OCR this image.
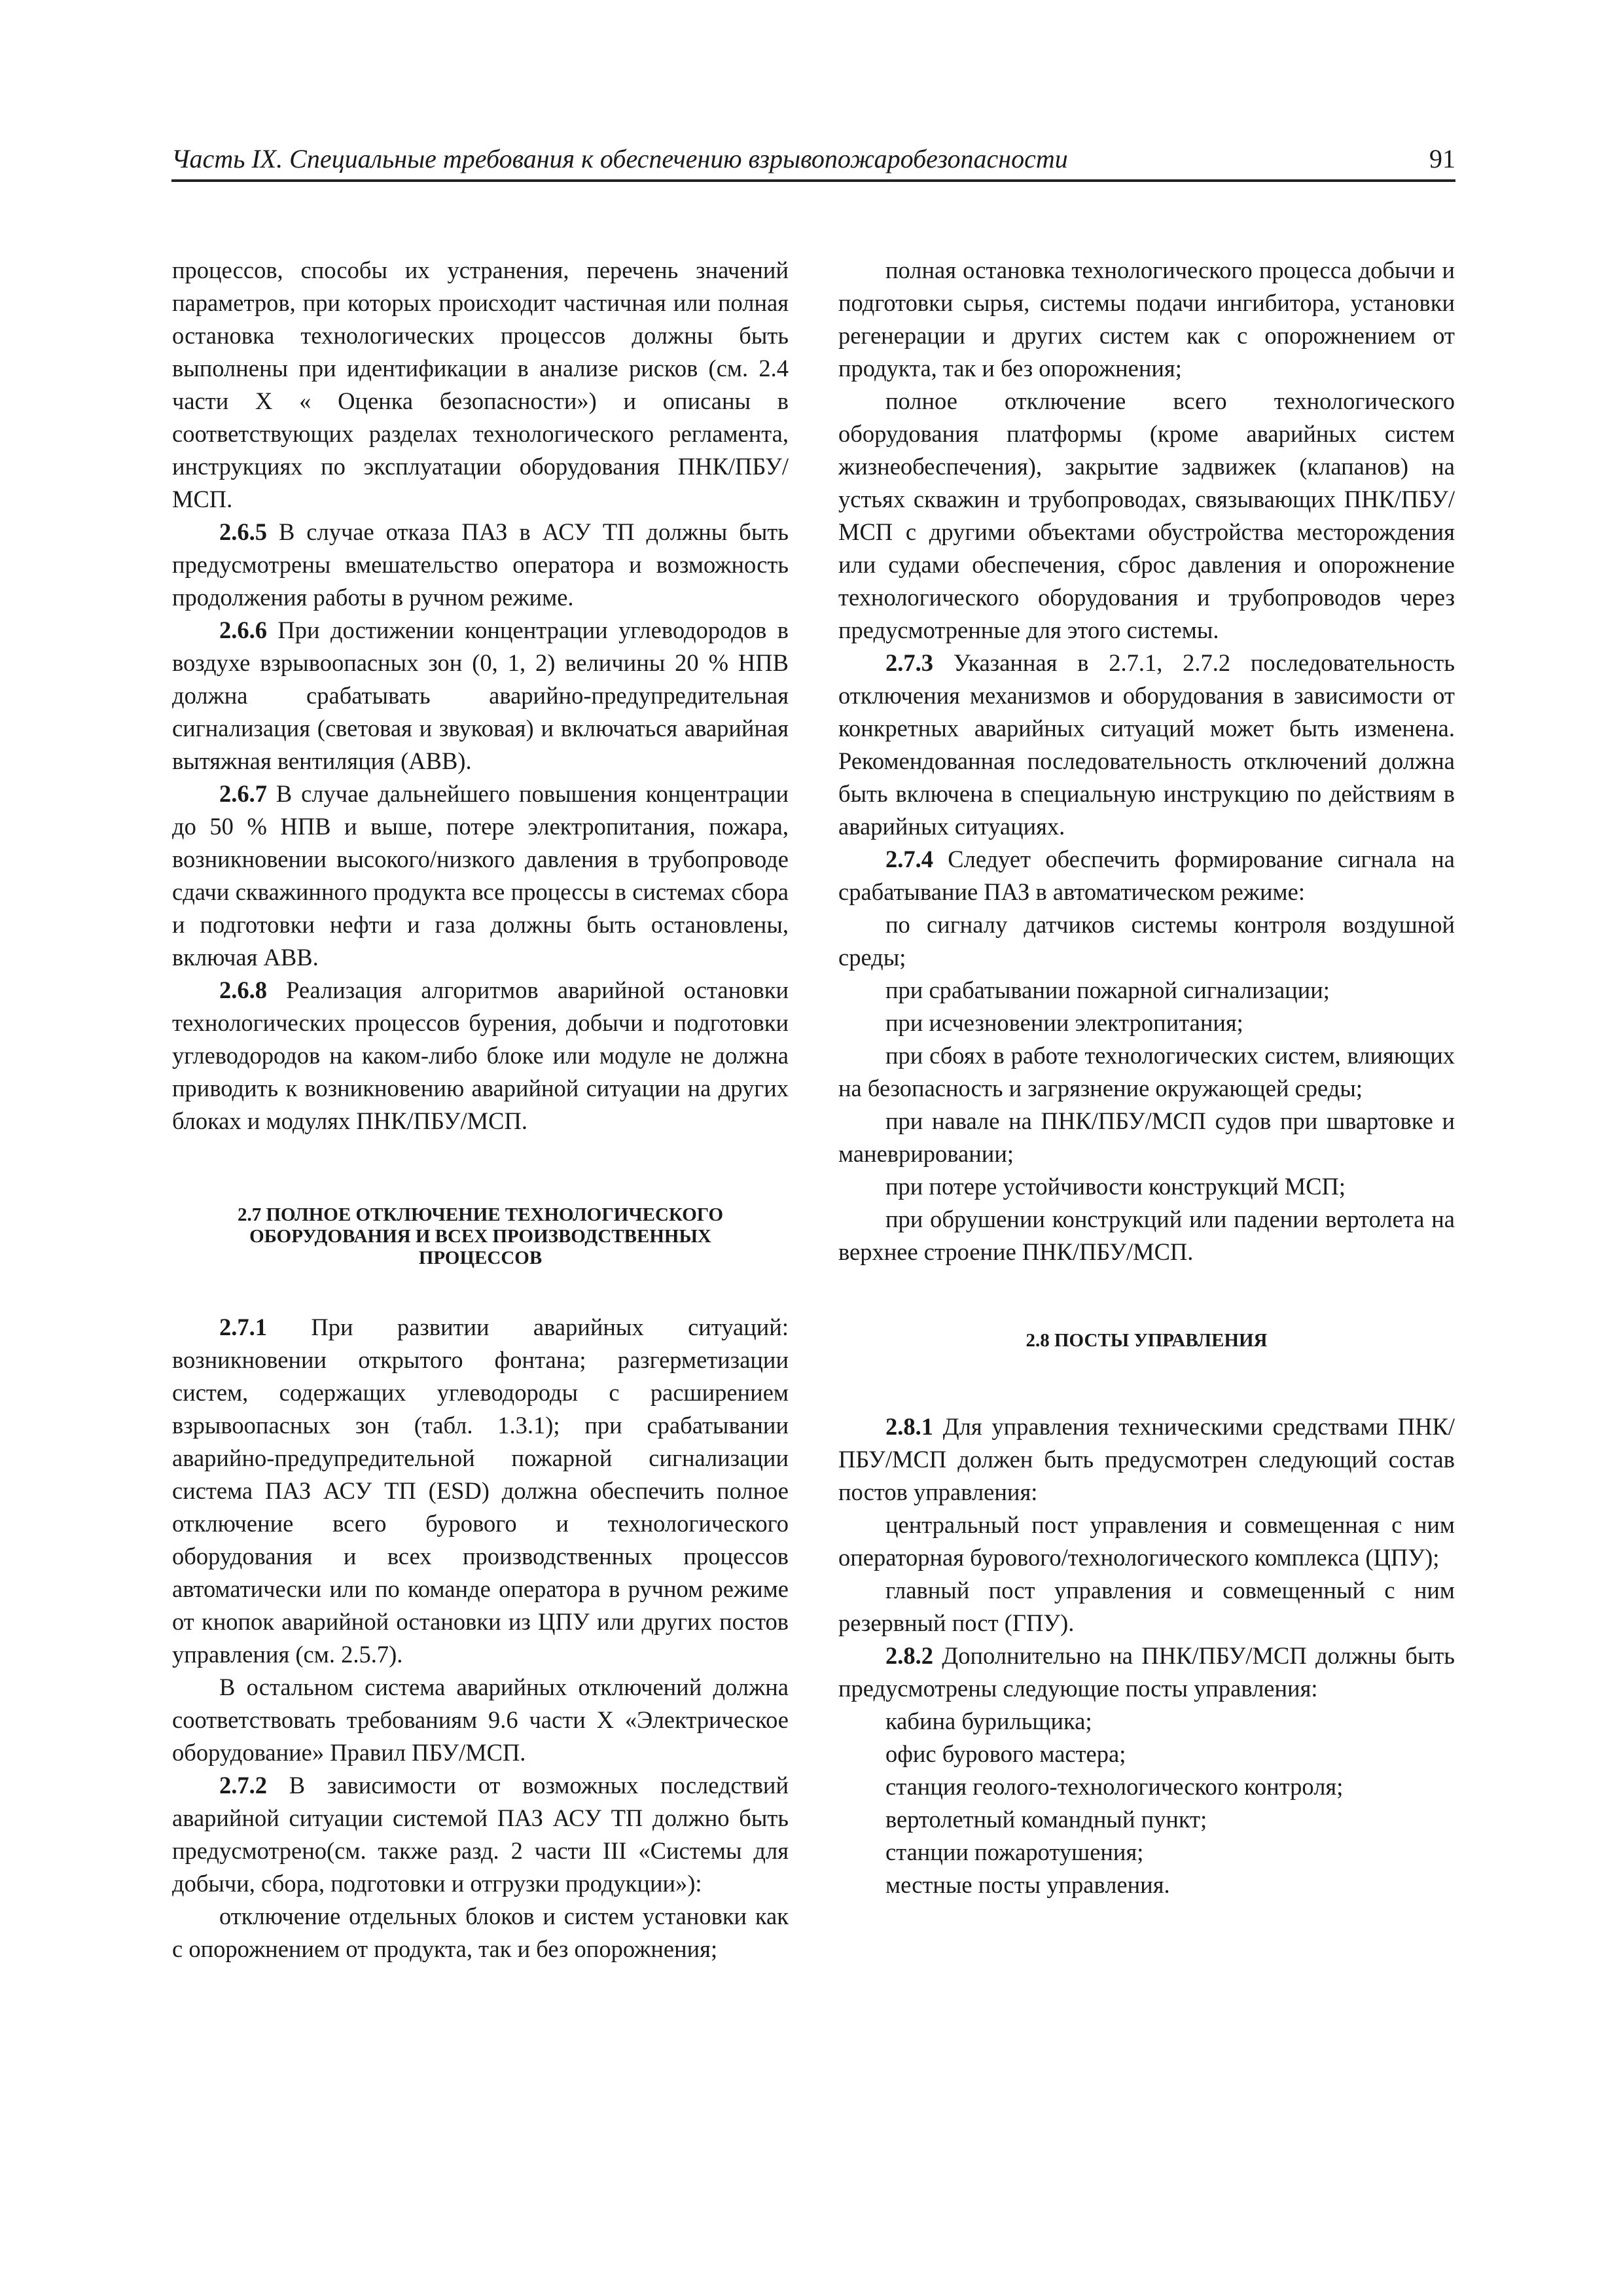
Часть IX. Специальные требования к обеспечению взрывопожаробезопасности	91

процессов, способы их устранения, перечень значений параметров, при которых происходит частичная или полная остановка технологических процессов должны быть выполнены при идентификации в анализе рисков (см. 2.4 части X « Оценка безопасности») и описаны в соответствующих разделах технологического регламента, инструкциях по эксплуатации оборудования ПНК/ПБУ/МСП.

2.6.5 В случае отказа ПАЗ в АСУ ТП должны быть предусмотрены вмешательство оператора и возможность продолжения работы в ручном режиме.

2.6.6 При достижении концентрации углеводородов в воздухе взрывоопасных зон (0, 1, 2) величины 20 % НПВ должна срабатывать аварийно-предупредительная сигнализация (световая и звуковая) и включаться аварийная вытяжная вентиляция (АВВ).

2.6.7 В случае дальнейшего повышения концентрации до 50 % НПВ и выше, потере электропитания, пожара, возникновении высокого/низкого давления в трубопроводе сдачи скважинного продукта все процессы в системах сбора и подготовки нефти и газа должны быть остановлены, включая АВВ.

2.6.8 Реализация алгоритмов аварийной остановки технологических процессов бурения, добычи и подготовки углеводородов на каком-либо блоке или модуле не должна приводить к возникновению аварийной ситуации на других блоках и модулях ПНК/ПБУ/МСП.

2.7 ПОЛНОЕ ОТКЛЮЧЕНИЕ ТЕХНОЛОГИЧЕСКОГО
ОБОРУДОВАНИЯ И ВСЕХ ПРОИЗВОДСТВЕННЫХ
ПРОЦЕССОВ

2.7.1 При развитии аварийных ситуаций: возникновении открытого фонтана; разгерметизации систем, содержащих углеводороды с расширением взрывоопасных зон (табл. 1.3.1); при срабатывании аварийно-предупредительной пожарной сигнализации система ПАЗ АСУ ТП (ESD) должна обеспечить полное отключение всего бурового и технологического оборудования и всех производственных процессов автоматически или по команде оператора в ручном режиме от кнопок аварийной остановки из ЦПУ или других постов управления (см. 2.5.7).

В остальном система аварийных отключений должна соответствовать требованиям 9.6 части X «Электрическое оборудование» Правил ПБУ/МСП.

2.7.2 В зависимости от возможных последствий аварийной ситуации системой ПАЗ АСУ ТП должно быть предусмотрено(см. также разд. 2 части III «Системы для добычи, сбора, подготовки и отгрузки продукции»):

отключение отдельных блоков и систем установки как с опорожнением от продукта, так и без опорожнения;

полная остановка технологического процесса добычи и подготовки сырья, системы подачи ингибитора, установки регенерации и других систем как с опорожнением от продукта, так и без опорожнения;

полное отключение всего технологического оборудования платформы (кроме аварийных систем жизнеобеспечения), закрытие задвижек (клапанов) на устьях скважин и трубопроводах, связывающих ПНК/ПБУ/МСП с другими объектами обустройства месторождения или судами обеспечения, сброс давления и опорожнение технологического оборудования и трубопроводов через предусмотренные для этого системы.

2.7.3 Указанная в 2.7.1, 2.7.2 последовательность отключения механизмов и оборудования в зависимости от конкретных аварийных ситуаций может быть изменена. Рекомендованная последовательность отключений должна быть включена в специальную инструкцию по действиям в аварийных ситуациях.

2.7.4 Следует обеспечить формирование сигнала на срабатывание ПАЗ в автоматическом режиме:

по сигналу датчиков системы контроля воздушной среды;

при срабатывании пожарной сигнализации;

при исчезновении электропитания;

при сбоях в работе технологических систем, влияющих на безопасность и загрязнение окружающей среды;

при навале на ПНК/ПБУ/МСП судов при швартовке и маневрировании;

при потере устойчивости конструкций МСП;

при обрушении конструкций или падении вертолета на верхнее строение ПНК/ПБУ/МСП.

2.8 ПОСТЫ УПРАВЛЕНИЯ

2.8.1 Для управления техническими средствами ПНК/ПБУ/МСП должен быть предусмотрен следующий состав постов управления:

центральный пост управления и совмещенная с ним операторная бурового/технологического комплекса (ЦПУ);

главный пост управления и совмещенный с ним резервный пост (ГПУ).

2.8.2 Дополнительно на ПНК/ПБУ/МСП должны быть предусмотрены следующие посты управления:

кабина бурильщика;

офис бурового мастера;

станция геолого-технологического контроля;

вертолетный командный пункт;

станции пожаротушения;

местные посты управления.
